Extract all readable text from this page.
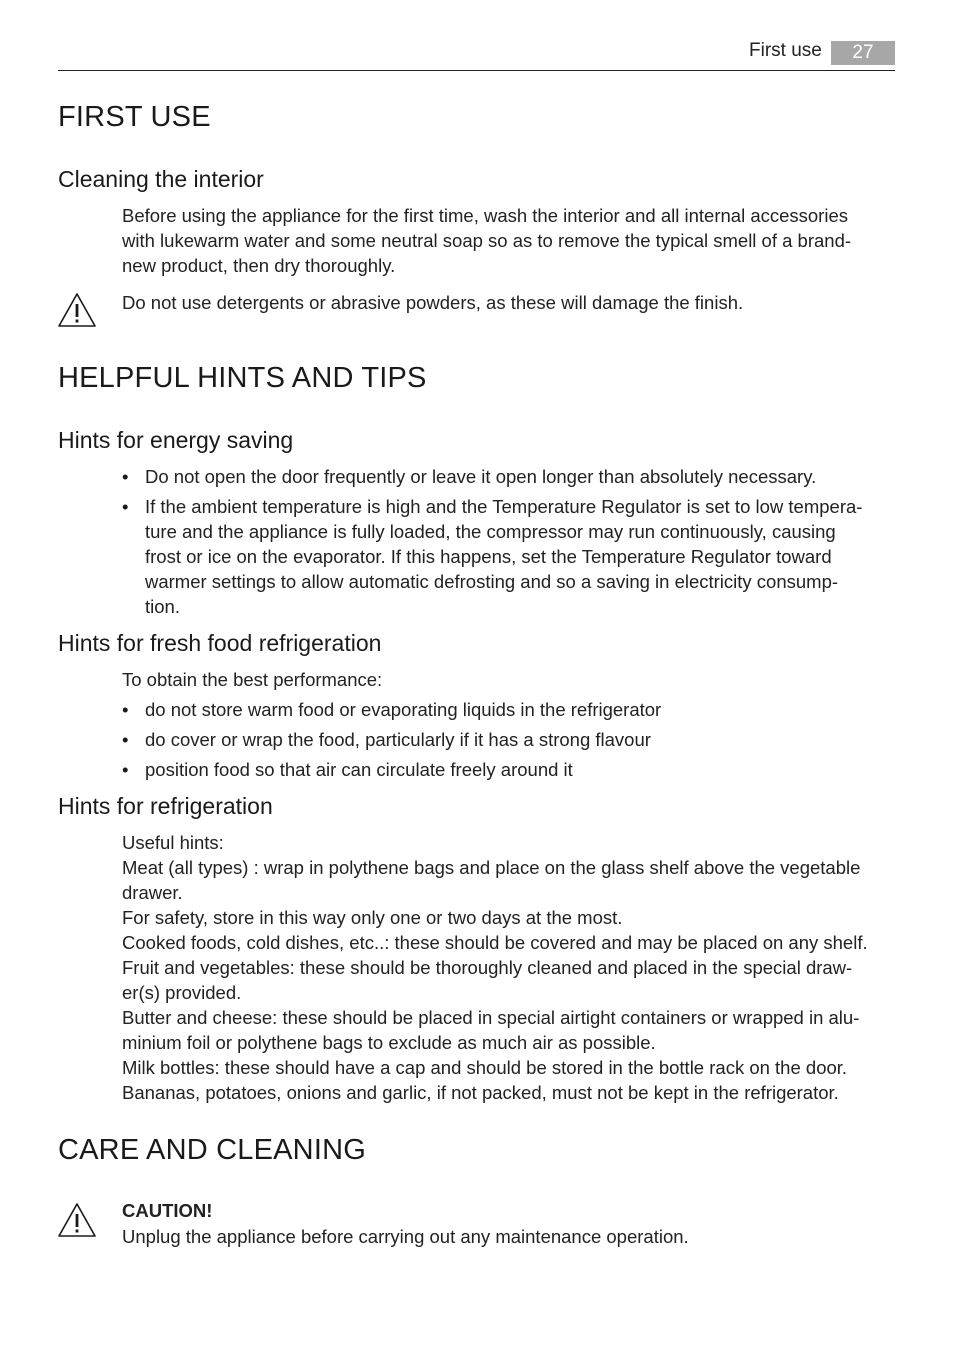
First use	27
FIRST USE
Cleaning the interior
Before using the appliance for the first time, wash the interior and all internal accessories
with lukewarm water and some neutral soap so as to remove the typical smell of a brand-
new product, then dry thoroughly.
Do not use detergents or abrasive powders, as these will damage the finish.
HELPFUL HINTS AND TIPS
Hints for energy saving
• Do not open the door frequently or leave it open longer than absolutely necessary.
• If the ambient temperature is high and the Temperature Regulator is set to low tempera-
ture and the appliance is fully loaded, the compressor may run continuously, causing
frost or ice on the evaporator. If this happens, set the Temperature Regulator toward
warmer settings to allow automatic defrosting and so a saving in electricity consump-
tion.
Hints for fresh food refrigeration
To obtain the best performance:
• do not store warm food or evaporating liquids in the refrigerator
• do cover or wrap the food, particularly if it has a strong flavour
• position food so that air can circulate freely around it
Hints for refrigeration
Useful hints:
Meat (all types) : wrap in polythene bags and place on the glass shelf above the vegetable
drawer.
For safety, store in this way only one or two days at the most.
Cooked foods, cold dishes, etc..: these should be covered and may be placed on any shelf.
Fruit and vegetables: these should be thoroughly cleaned and placed in the special draw-
er(s) provided.
Butter and cheese: these should be placed in special airtight containers or wrapped in alu-
minium foil or polythene bags to exclude as much air as possible.
Milk bottles: these should have a cap and should be stored in the bottle rack on the door.
Bananas, potatoes, onions and garlic, if not packed, must not be kept in the refrigerator.
CARE AND CLEANING
CAUTION!
Unplug the appliance before carrying out any maintenance operation.
